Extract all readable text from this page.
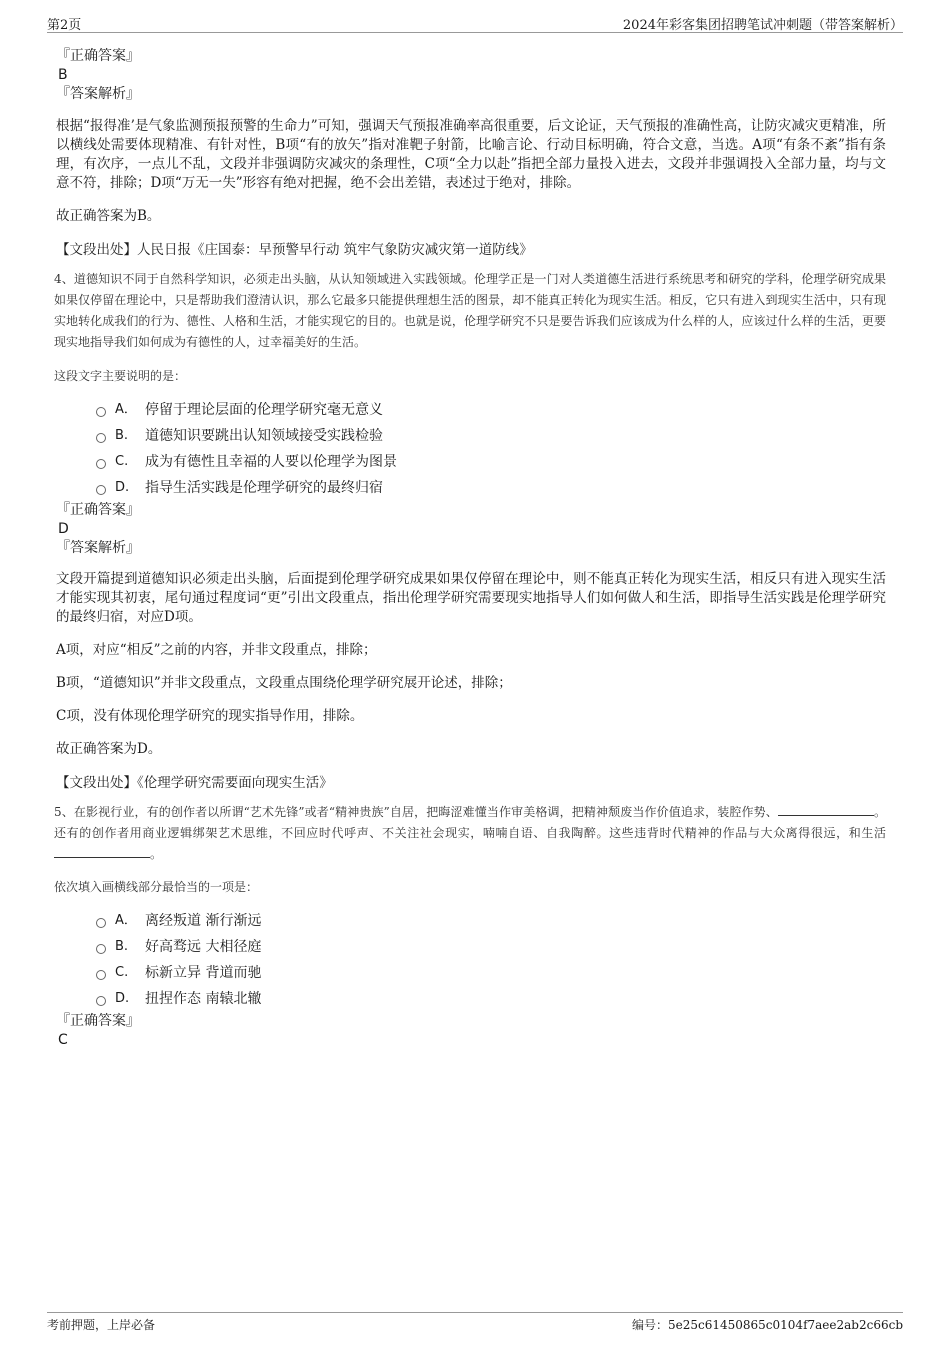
第2页	2024年彩客集团招聘笔试冲刺题（带答案解析）

『正确答案』

B

『答案解析』

根据“报得准’是气象监测预报预警的生命力”可知，强调天气预报准确率高很重要，后文论证，天气预报的准确性高，让防灾减灾更精准，所以横线处需要体现精准、有针对性，B项“有的放矢”指对准靶子射箭，比喻言论、行动目标明确，符合文意，当选。A项“有条不紊”指有条理，有次序，一点儿不乱，文段并非强调防灾减灾的条理性，C项“全力以赴”指把全部力量投入进去，文段并非强调投入全部力量，均与文意不符，排除；D项“万无一失”形容有绝对把握，绝不会出差错，表述过于绝对，排除。

故正确答案为B。

【文段出处】人民日报《庄国泰：早预警早行动 筑牢气象防灾减灾第一道防线》

4、道德知识不同于自然科学知识，必须走出头脑，从认知领域进入实践领域。伦理学正是一门对人类道德生活进行系统思考和研究的学科，伦理学研究成果如果仅停留在理论中，只是帮助我们澄清认识，那么它最多只能提供理想生活的图景，却不能真正转化为现实生活。相反，它只有进入到现实生活中，只有现实地转化成我们的行为、德性、人格和生活，才能实现它的目的。也就是说，伦理学研究不只是要告诉我们应该成为什么样的人，应该过什么样的生活，更要现实地指导我们如何成为有德性的人，过幸福美好的生活。

这段文字主要说明的是：

A． 停留于理论层面的伦理学研究毫无意义
B.	道德知识要跳出认知领域接受实践检验
C.	成为有德性且幸福的人要以伦理学为图景
D.	指导生活实践是伦理学研究的最终归宿

『正确答案』

D

『答案解析』

文段开篇提到道德知识必须走出头脑，后面提到伦理学研究成果如果仅停留在理论中，则不能真正转化为现实生活，相反只有进入现实生活才能实现其初衷，尾句通过程度词“更”引出文段重点，指出伦理学研究需要现实地指导人们如何做人和生活，即指导生活实践是伦理学研究的最终归宿，对应D项。

A项，对应“相反”之前的内容，并非文段重点，排除；

B项，“道德知识”并非文段重点，文段重点围绕伦理学研究展开论述，排除；

C项，没有体现伦理学研究的现实指导作用，排除。

故正确答案为D。

【文段出处】《伦理学研究需要面向现实生活》

5、在影视行业，有的创作者以所谓“艺术先锋”或者“精神贵族”自居，把晦涩难懂当作审美格调，把精神颓废当作价值追求，装腔作势、	。还有的创作者用商业逻辑绑架艺术思维，不回应时代呼声、不关注社会现实，喃喃自语、自我陶醉。这些违背时代精神的作品与大众离得很远，和生活 。

依次填入画横线部分最恰当的一项是：

A． 离经叛道 渐行渐远
B.	好高骛远 大相径庭
C.	标新立异 背道而驰
D.	扭捏作态 南辕北辙

『正确答案』

C

考前押题，上岸必备	编号：5e25c61450865c0104f7aee2ab2c66cb
